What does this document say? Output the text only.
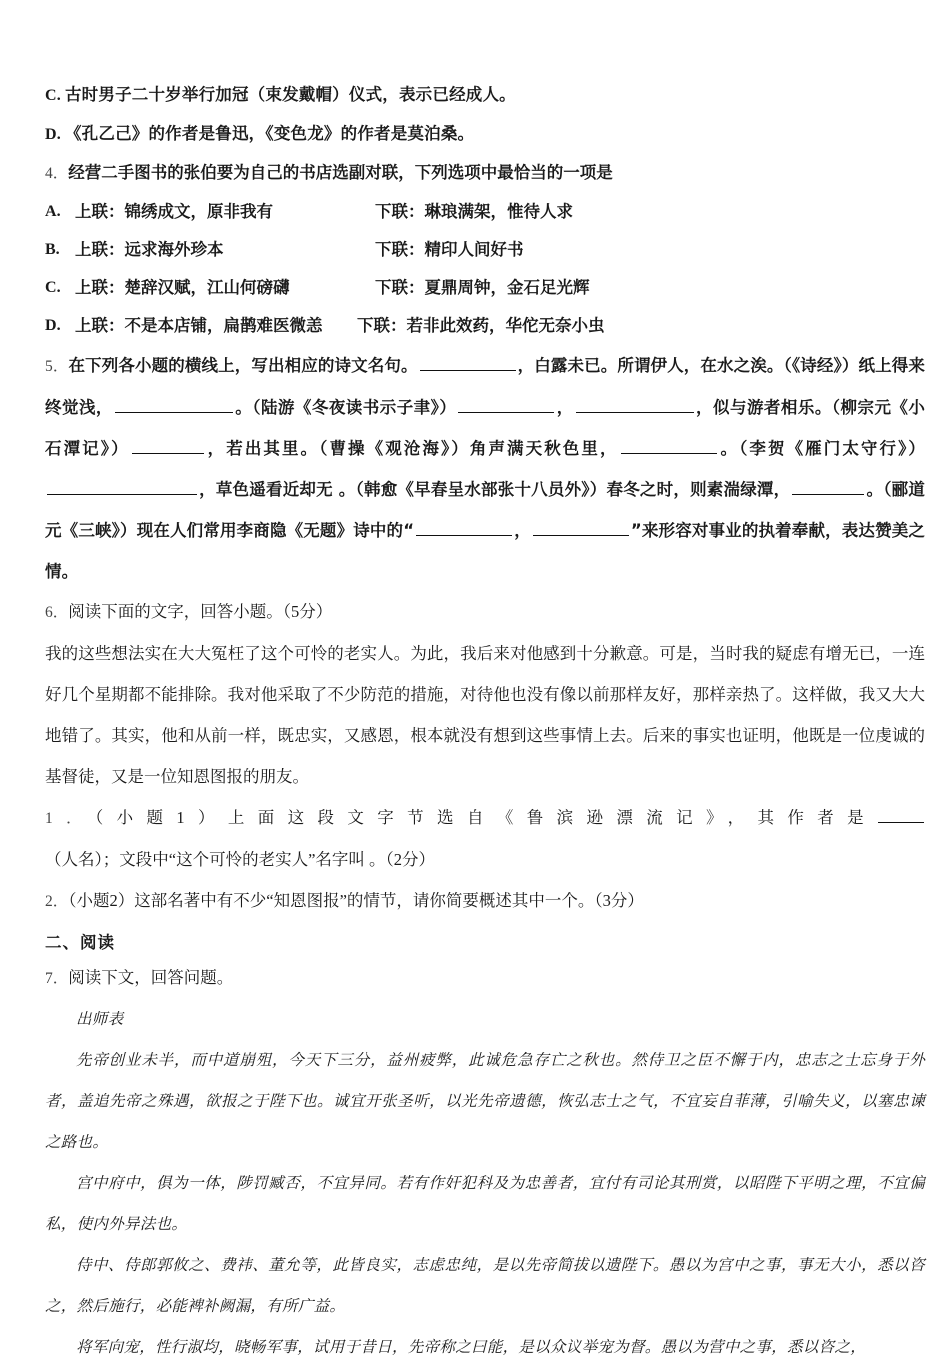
C . 古时男子二十岁举行加冠（束发戴帽）仪式，表示已经成人。
D . 《孔乙己》的作者是鲁迅，《变色龙》的作者是莫泊桑。
4．经营二手图书的张伯要为自己的书店选副对联，下列选项中最恰当的一项是
A .	上联：锦绣成文，原非我有	下联：琳琅满架，惟待人求
B .	上联：远求海外珍本	下联：精印人间好书
C .	上联：楚辞汉赋，江山何磅礴	下联：夏鼎周钟，金石足光辉
D .	上联：不是本店铺，扁鹊难医微恙	下联：若非此效药，华佗无奈小虫
5．在下列各小题的横线上，写出相应的诗文名句。	，白露未已。所谓伊人，在水之涘。（《诗经》）纸上得来终觉浅，	。（陆游《冬夜读书示子聿》）	，	，似与游者相乐。（柳宗元《小石潭记》）	，若出其里。（曹操《观沧海》）角声满天秋色里，	。（李贺《雁门太守行》），草色遥看近却无 。（韩愈《早春呈水部张十八员外》）春冬之时，则素湍绿潭，	。（郦道元《三峡》）现在人们常用李商隐《无题》诗中的“	，	”来形容对事业的执着奉献，表达赞美之情。
6．阅读下面的文字，回答小题。（5分）
我的这些想法实在大大冤枉了这个可怜的老实人。为此，我后来对他感到十分歉意。可是，当时我的疑虑有增无已，一连好几个星期都不能排除。我对他采取了不少防范的措施，对待他也没有像以前那样友好，那样亲热了。这样做，我又大大地错了。其实，他和从前一样，既忠实，又感恩，根本就没有想到这些事情上去。后来的事实也证明，他既是一位虔诚的基督徒，又是一位知恩图报的朋友。
1．（小题1）上面这段文字节选自《鲁滨逊漂流记》，其作者是（人名）；文段中“这个可怜的老实人”名字叫 。（2分）
2．（小题2）这部名著中有不少“知恩图报”的情节，请你简要概述其中一个。（3分）
二、阅读
7．阅读下文，回答问题。
出师表
先帝创业未半，而中道崩殂，今天下三分，益州疲弊，此诚危急存亡之秋也。然侍卫之臣不懈于内，忠志之士忘身于外者，盖追先帝之殊遇，欲报之于陛下也。诚宜开张圣听，以光先帝遗德，恢弘志士之气，不宜妄自菲薄，引喻失义，以塞忠谏之路也。
宫中府中，俱为一体，陟罚臧否，不宜异同。若有作奸犯科及为忠善者，宜付有司论其刑赏，以昭陛下平明之理，不宜偏私，使内外异法也。
侍中、侍郎郭攸之、费祎、董允等，此皆良实，志虑忠纯，是以先帝简拔以遗陛下。愚以为宫中之事，事无大小，悉以咨之，然后施行，必能裨补阙漏，有所广益。
将军向宠，性行淑均，晓畅军事，试用于昔日，先帝称之曰能，是以众议举宠为督。愚以为营中之事，悉以咨之，
